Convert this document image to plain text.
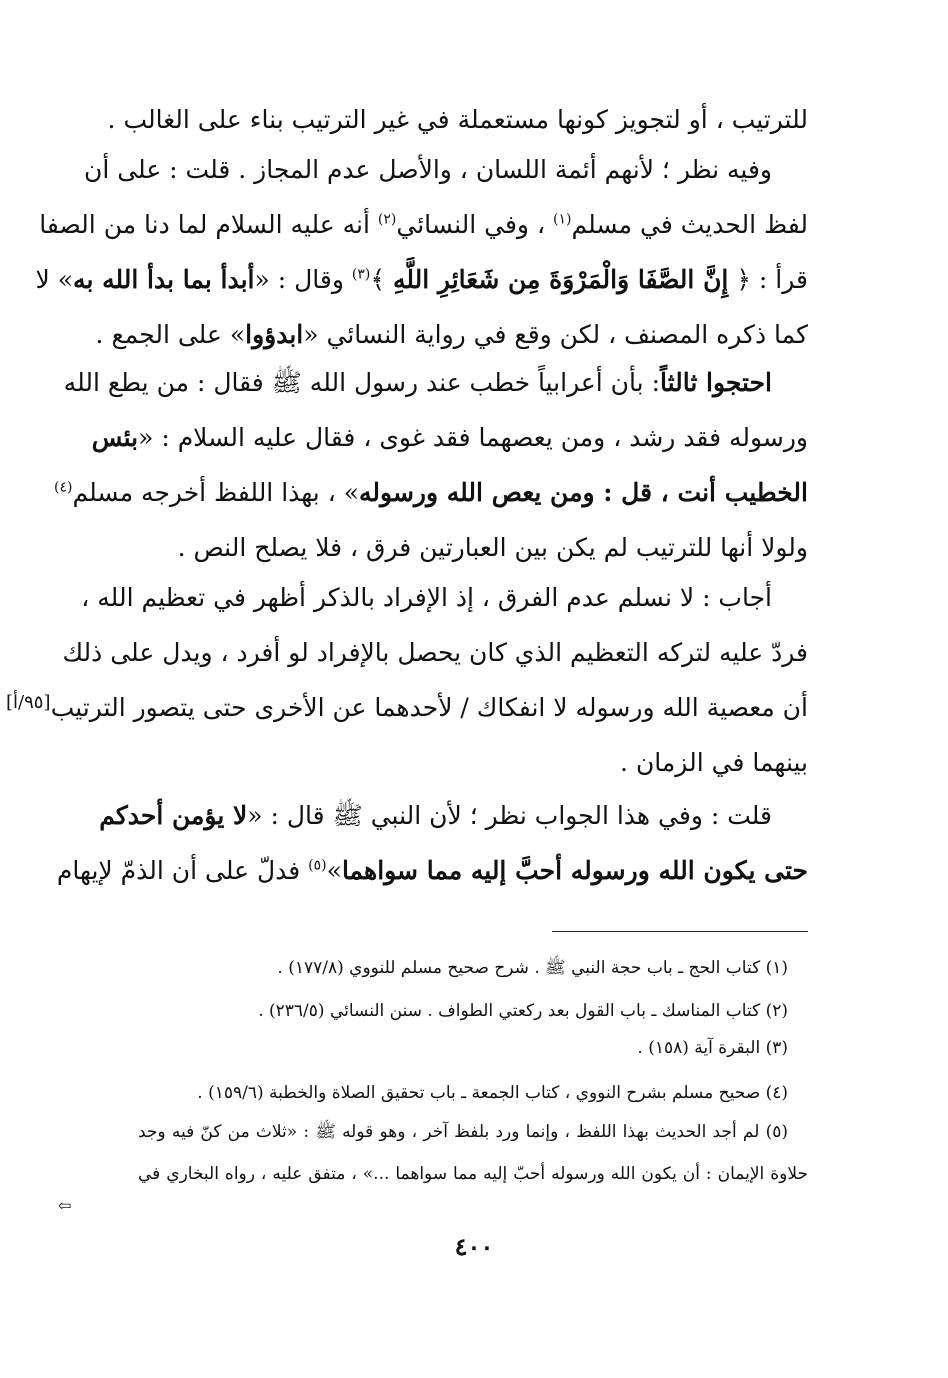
للترتيب ، أو لتجويز كونها مستعملة في غير الترتيب بناء على الغالب .
وفيه نظر ؛ لأنهم أئمة اللسان ، والأصل عدم المجاز . قلت : على أن
لفظ الحديث في مسلم$^{(١)}$ ، وفي النسائي$^{(٢)}$ أنه عليه السلام لما دنا من الصفا
قرأ : ﴿ إِنَّ الصَّفَا وَالْمَرْوَةَ مِن شَعَائِرِ اللَّهِ ﴾$^{(٣)}$ وقال : «أبدأ بما بدأ الله به» لا
كما ذكره المصنف ، لكن وقع في رواية النسائي «ابدؤوا» على الجمع .
احتجوا ثالثاً: بأن أعرابياً خطب عند رسول الله ﷺ فقال : من يطع الله
ورسوله فقد رشد ، ومن يعصهما فقد غوى ، فقال عليه السلام : «بئس
الخطيب أنت ، قل : ومن يعص الله ورسوله» ، بهذا اللفظ أخرجه مسلم$^{(٤)}$
ولولا أنها للترتيب لم يكن بين العبارتين فرق ، فلا يصلح النص .
أجاب : لا نسلم عدم الفرق ، إذ الإفراد بالذكر أظهر في تعظيم الله ،
فردّ عليه لتركه التعظيم الذي كان يحصل بالإفراد لو أفرد ، ويدل على ذلك
أن معصية الله ورسوله لا انفكاك / لأحدهما عن الأخرى حتى يتصور الترتيب
[٩٥/أ]
بينهما في الزمان .
قلت : وفي هذا الجواب نظر ؛ لأن النبي ﷺ قال : «لا يؤمن أحدكم
حتى يكون الله ورسوله أحبَّ إليه مما سواهما»$^{(٥)}$ فدلّ على أن الذمّ لإيهام
(١) كتاب الحج ـ باب حجة النبي ﷺ . شرح صحيح مسلم للنووي (١٧٧/٨) .
(٢) كتاب المناسك ـ باب القول بعد ركعتي الطواف . سنن النسائي (٢٣٦/٥) .
(٣) البقرة آية (١٥٨) .
(٤) صحيح مسلم بشرح النووي ، كتاب الجمعة ـ باب تحقيق الصلاة والخطبة (١٥٩/٦) .
(٥) لم أجد الحديث بهذا اللفظ ، وإنما ورد بلفظ آخر ، وهو قوله ﷺ : «ثلاث من كنّ فيه وجد
حلاوة الإيمان : أن يكون الله ورسوله أحبّ إليه مما سواهما ...» ، متفق عليه ، رواه البخاري في
⇦
٤٠٠
